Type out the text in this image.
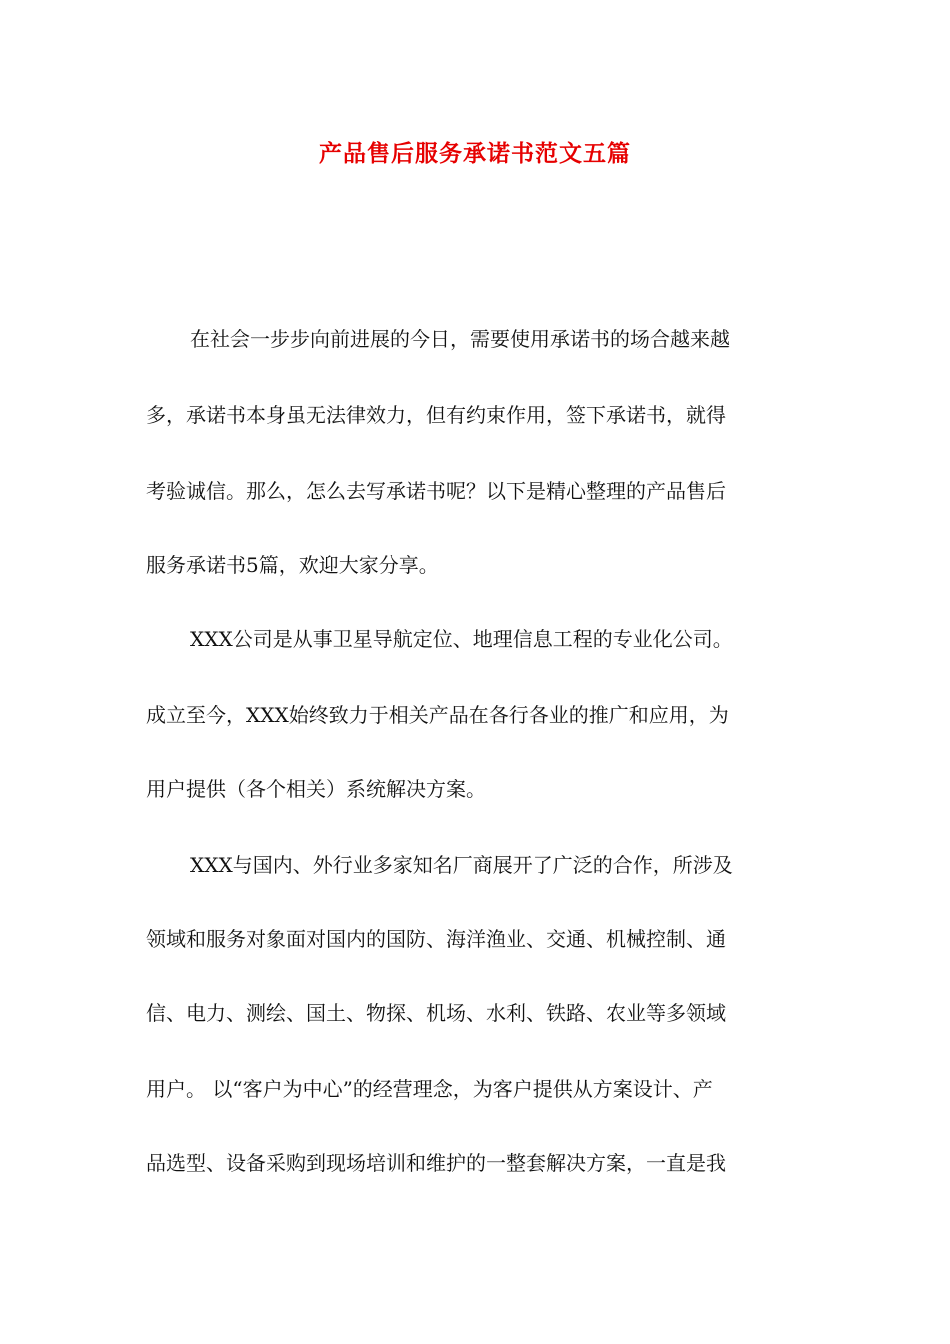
产品售后服务承诺书范文五篇

在社会一步步向前进展的今日，需要使用承诺书的场合越来越

多，承诺书本身虽无法律效力，但有约束作用，签下承诺书，就得

考验诚信。那么，怎么去写承诺书呢？以下是精心整理的产品售后

服务承诺书5篇，欢迎大家分享。

XXX公司是从事卫星导航定位、地理信息工程的专业化公司。

成立至今，XXX始终致力于相关产品在各行各业的推广和应用，为

用户提供（各个相关）系统解决方案。

XXX与国内、外行业多家知名厂商展开了广泛的合作，所涉及

领域和服务对象面对国内的国防、海洋渔业、交通、机械控制、通

信、电力、测绘、国土、物探、机场、水利、铁路、农业等多领域

用户。 以“客户为中心”的经营理念，为客户提供从方案设计、产

品选型、设备采购到现场培训和维护的一整套解决方案，一直是我
